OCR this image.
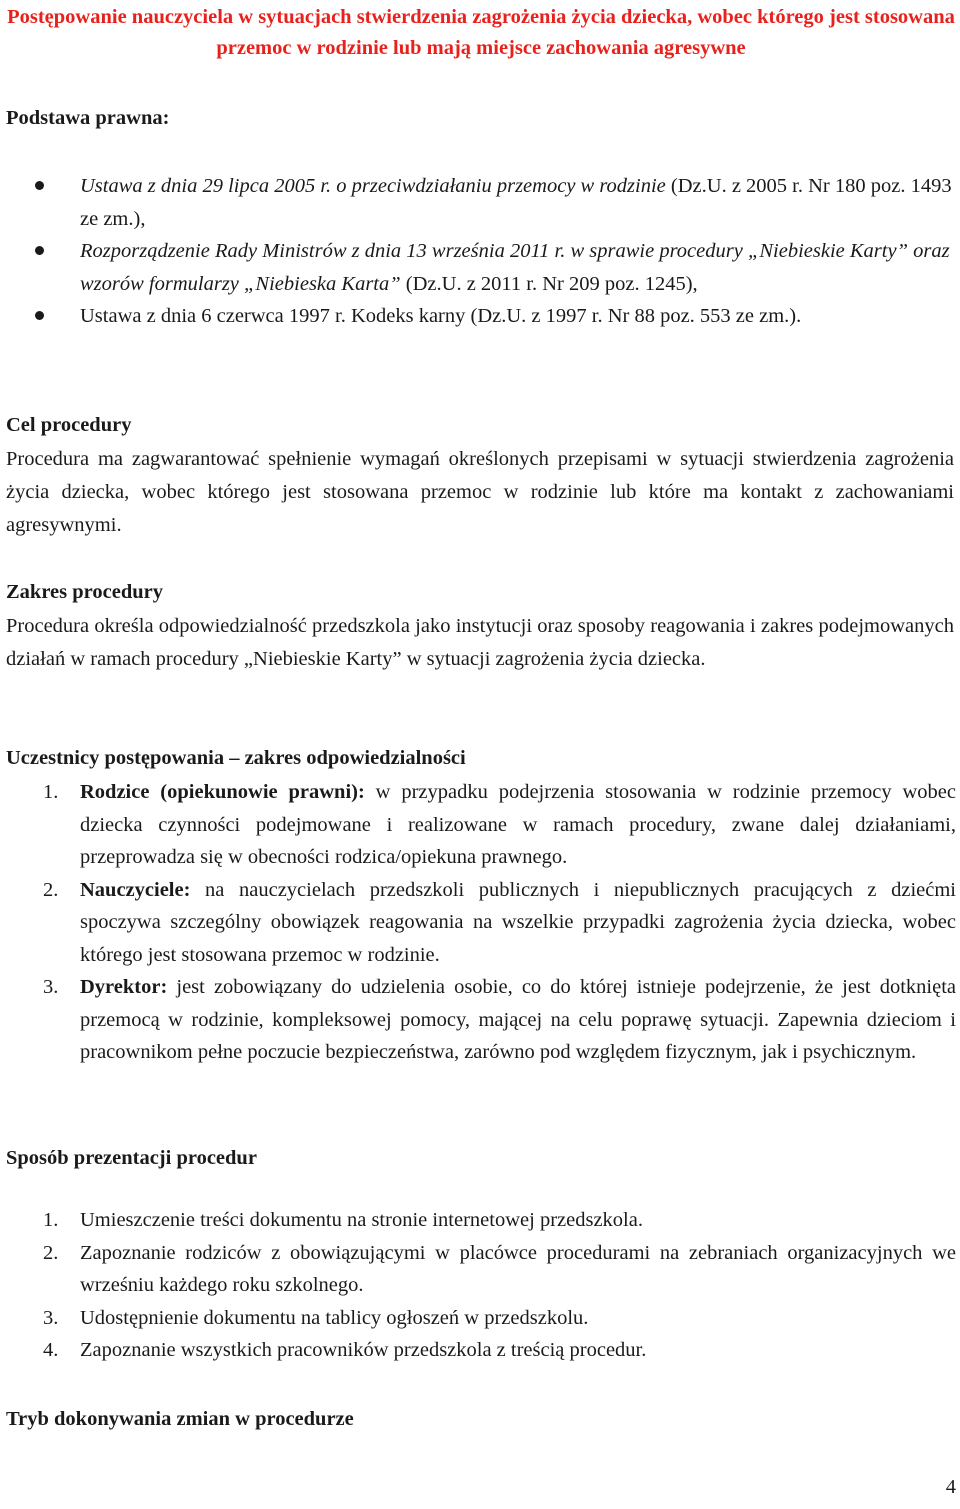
Postępowanie nauczyciela w sytuacjach stwierdzenia zagrożenia życia dziecka, wobec którego jest stosowana przemoc w rodzinie lub mają miejsce zachowania agresywne
Podstawa prawna:
Ustawa z dnia 29 lipca 2005 r. o przeciwdziałaniu przemocy w rodzinie (Dz.U. z 2005 r. Nr 180 poz. 1493 ze zm.),
Rozporządzenie Rady Ministrów z dnia 13 września 2011 r. w sprawie procedury „Niebieskie Karty” oraz wzorów formularzy „Niebieska Karta” (Dz.U. z 2011 r. Nr 209 poz. 1245),
Ustawa z dnia 6 czerwca 1997 r. Kodeks karny (Dz.U. z 1997 r. Nr 88 poz. 553 ze zm.).
Cel procedury

Procedura ma zagwarantować spełnienie wymagań określonych przepisami w sytuacji stwierdzenia zagrożenia życia dziecka, wobec którego jest stosowana przemoc w rodzinie lub które ma kontakt z zachowaniami agresywnymi.

Zakres procedury

Procedura określa odpowiedzialność przedszkola jako instytucji oraz sposoby reagowania i zakres podejmowanych działań w ramach procedury „Niebieskie Karty” w sytuacji zagrożenia życia dziecka.

Uczestnicy postępowania – zakres odpowiedzialności
1. Rodzice (opiekunowie prawni): w przypadku podejrzenia stosowania w rodzinie przemocy wobec dziecka czynności podejmowane i realizowane w ramach procedury, zwane dalej działaniami, przeprowadza się w obecności rodzica/opiekuna prawnego.
2. Nauczyciele: na nauczycielach przedszkoli publicznych i niepublicznych pracujących z dziećmi spoczywa szczególny obowiązek reagowania na wszelkie przypadki zagrożenia życia dziecka, wobec którego jest stosowana przemoc w rodzinie.
3. Dyrektor: jest zobowiązany do udzielenia osobie, co do której istnieje podejrzenie, że jest dotknięta przemocą w rodzinie, kompleksowej pomocy, mającej na celu poprawę sytuacji. Zapewnia dzieciom i pracownikom pełne poczucie bezpieczeństwa, zarówno pod względem fizycznym, jak i psychicznym.
Sposób prezentacji procedur
1. Umieszczenie treści dokumentu na stronie internetowej przedszkola.
2. Zapoznanie rodziców z obowiązującymi w placówce procedurami na zebraniach organizacyjnych we wrześniu każdego roku szkolnego.
3. Udostępnienie dokumentu na tablicy ogłoszeń w przedszkolu.
4. Zapoznanie wszystkich pracowników przedszkola z treścią procedur.
Tryb dokonywania zmian w procedurze
4
